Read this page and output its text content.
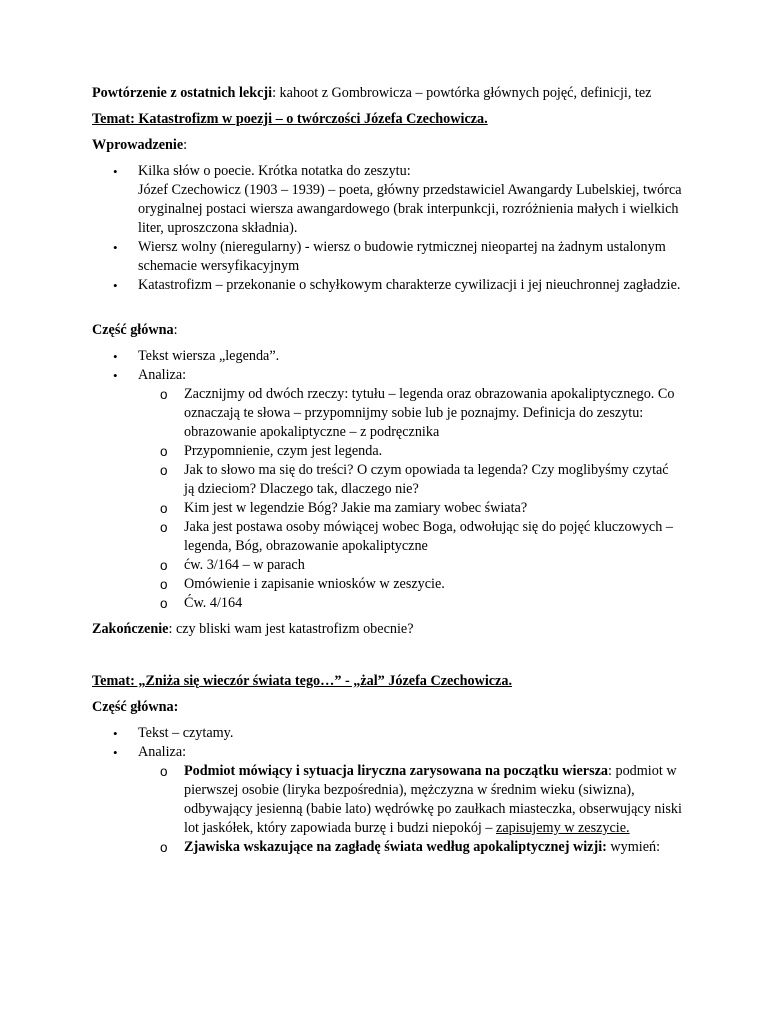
Powtórzenie z ostatnich lekcji: kahoot z Gombrowicza – powtórka głównych pojęć, definicji, tez

Temat: Katastrofizm w poezji – o twórczości Józefa Czechowicza.

Wprowadzenie:

• Kilka słów o poecie. Krótka notatka do zeszytu:
Józef Czechowicz (1903 – 1939) – poeta, główny przedstawiciel Awangardy Lubelskiej, twórca oryginalnej postaci wiersza awangardowego (brak interpunkcji, rozróżnienia małych i wielkich liter, uproszczona składnia).
• Wiersz wolny (nieregularny) - wiersz o budowie rytmicznej nieopartej na żadnym ustalonym schemacie wersyfikacyjnym
• Katastrofizm – przekonanie o schyłkowym charakterze cywilizacji i jej nieuchronnej zagładzie.

Część główna:

• Tekst wiersza „legenda”.
• Analiza:
o Zacznijmy od dwóch rzeczy: tytułu – legenda oraz obrazowania apokaliptycznego. Co oznaczają te słowa – przypomnijmy sobie lub je poznajmy. Definicja do zeszytu: obrazowanie apokaliptyczne – z podręcznika
o Przypomnienie, czym jest legenda.
o Jak to słowo ma się do treści? O czym opowiada ta legenda? Czy moglibyśmy czytać ją dzieciom? Dlaczego tak, dlaczego nie?
o Kim jest w legendzie Bóg? Jakie ma zamiary wobec świata?
o Jaka jest postawa osoby mówiącej wobec Boga, odwołując się do pojęć kluczowych – legenda, Bóg, obrazowanie apokaliptyczne
o ćw. 3/164 – w parach
o Omówienie i zapisanie wniosków w zeszycie.
o Ćw. 4/164

Zakończenie: czy bliski wam jest katastrofizm obecnie?

Temat: „Zniża się wieczór świata tego…” - „żal” Józefa Czechowicza.

Część główna:

• Tekst – czytamy.
• Analiza:
o Podmiot mówiący i sytuacja liryczna zarysowana na początku wiersza: podmiot w pierwszej osobie (liryka bezpośrednia), mężczyzna w średnim wieku (siwizna), odbywający jesienną (babie lato) wędrówkę po zaułkach miasteczka, obserwujący niski lot jaskółek, który zapowiada burzę i budzi niepokój – zapisujemy w zeszycie.
o Zjawiska wskazujące na zagładę świata według apokaliptycznej wizji: wymień:
